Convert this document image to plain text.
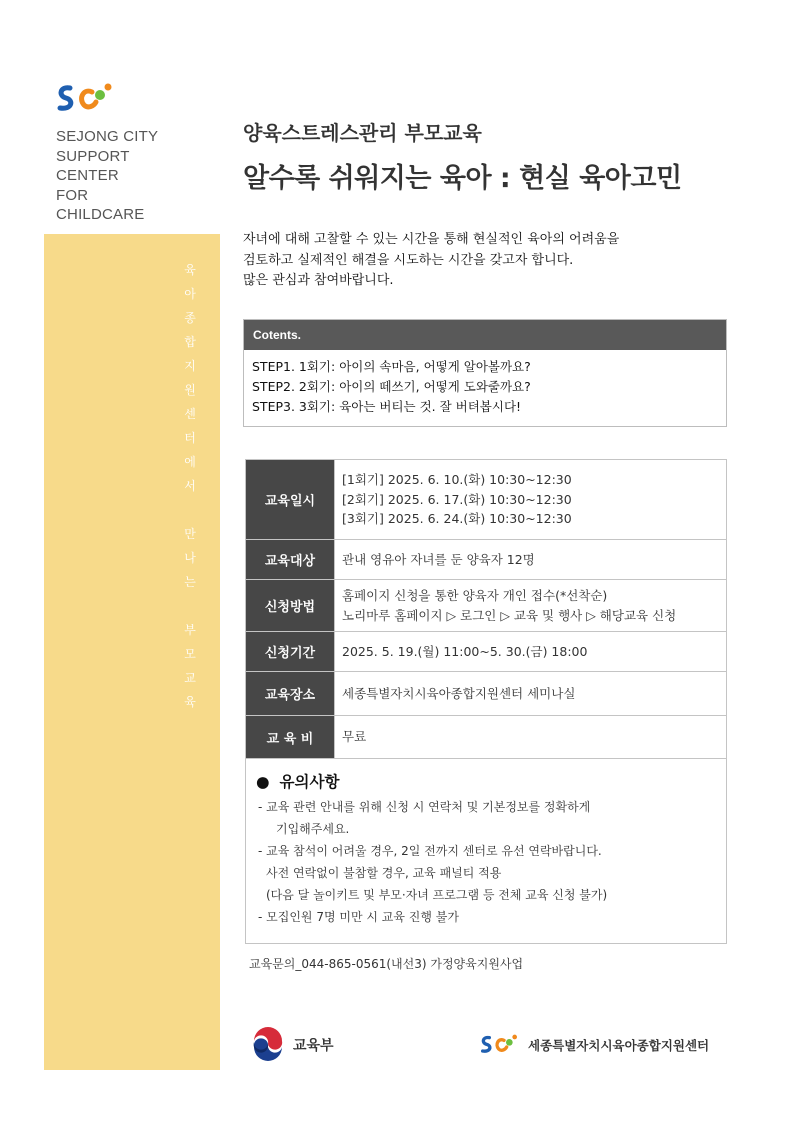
SEJONG CITY
SUPPORT
CENTER
FOR
CHILDCARE
육
아
종
합
지
원
센
터
에
서
만
나
는
부
모
교
육
양육스트레스관리 부모교육
알수록 쉬워지는 육아 : 현실 육아고민
자녀에 대해 고찰할 수 있는 시간을 통해 현실적인 육아의 어려움을
검토하고 실제적인 해결을 시도하는 시간을 갖고자 합니다.
많은 관심과 참여바랍니다.
Cotents.
STEP1. 1회기: 아이의 속마음, 어떻게 알아볼까요?
STEP2. 2회기: 아이의 떼쓰기, 어떻게 도와줄까요?
STEP3. 3회기: 육아는 버티는 것. 잘 버텨봅시다!
교육일시	[1회기] 2025. 6. 10.(화) 10:30~12:30
[2회기] 2025. 6. 17.(화) 10:30~12:30
[3회기] 2025. 6. 24.(화) 10:30~12:30

교육대상	관내 영유아 자녀를 둔 양육자 12명

신청방법	홈페이지 신청을 통한 양육자 개인 접수(*선착순)
노리마루 홈페이지 ▷ 로그인 ▷ 교육 및 행사 ▷ 해당교육 신청

신청기간	2025. 5. 19.(월) 11:00~5. 30.(금) 18:00

교육장소	세종특별자치시육아종합지원센터 세미나실

교 육 비	무료
● 유의사항
- 교육 관련 안내를 위해 신청 시 연락처 및 기본정보를 정확하게
기입해주세요.
- 교육 참석이 어려울 경우, 2일 전까지 센터로 유선 연락바랍니다.
사전 연락없이 불참할 경우, 교육 패널티 적용
(다음 달 놀이키트 및 부모·자녀 프로그램 등 전체 교육 신청 불가)
- 모집인원 7명 미만 시 교육 진행 불가
교육문의_044-865-0561(내선3) 가정양육지원사업
교육부	세종특별자치시육아종합지원센터
